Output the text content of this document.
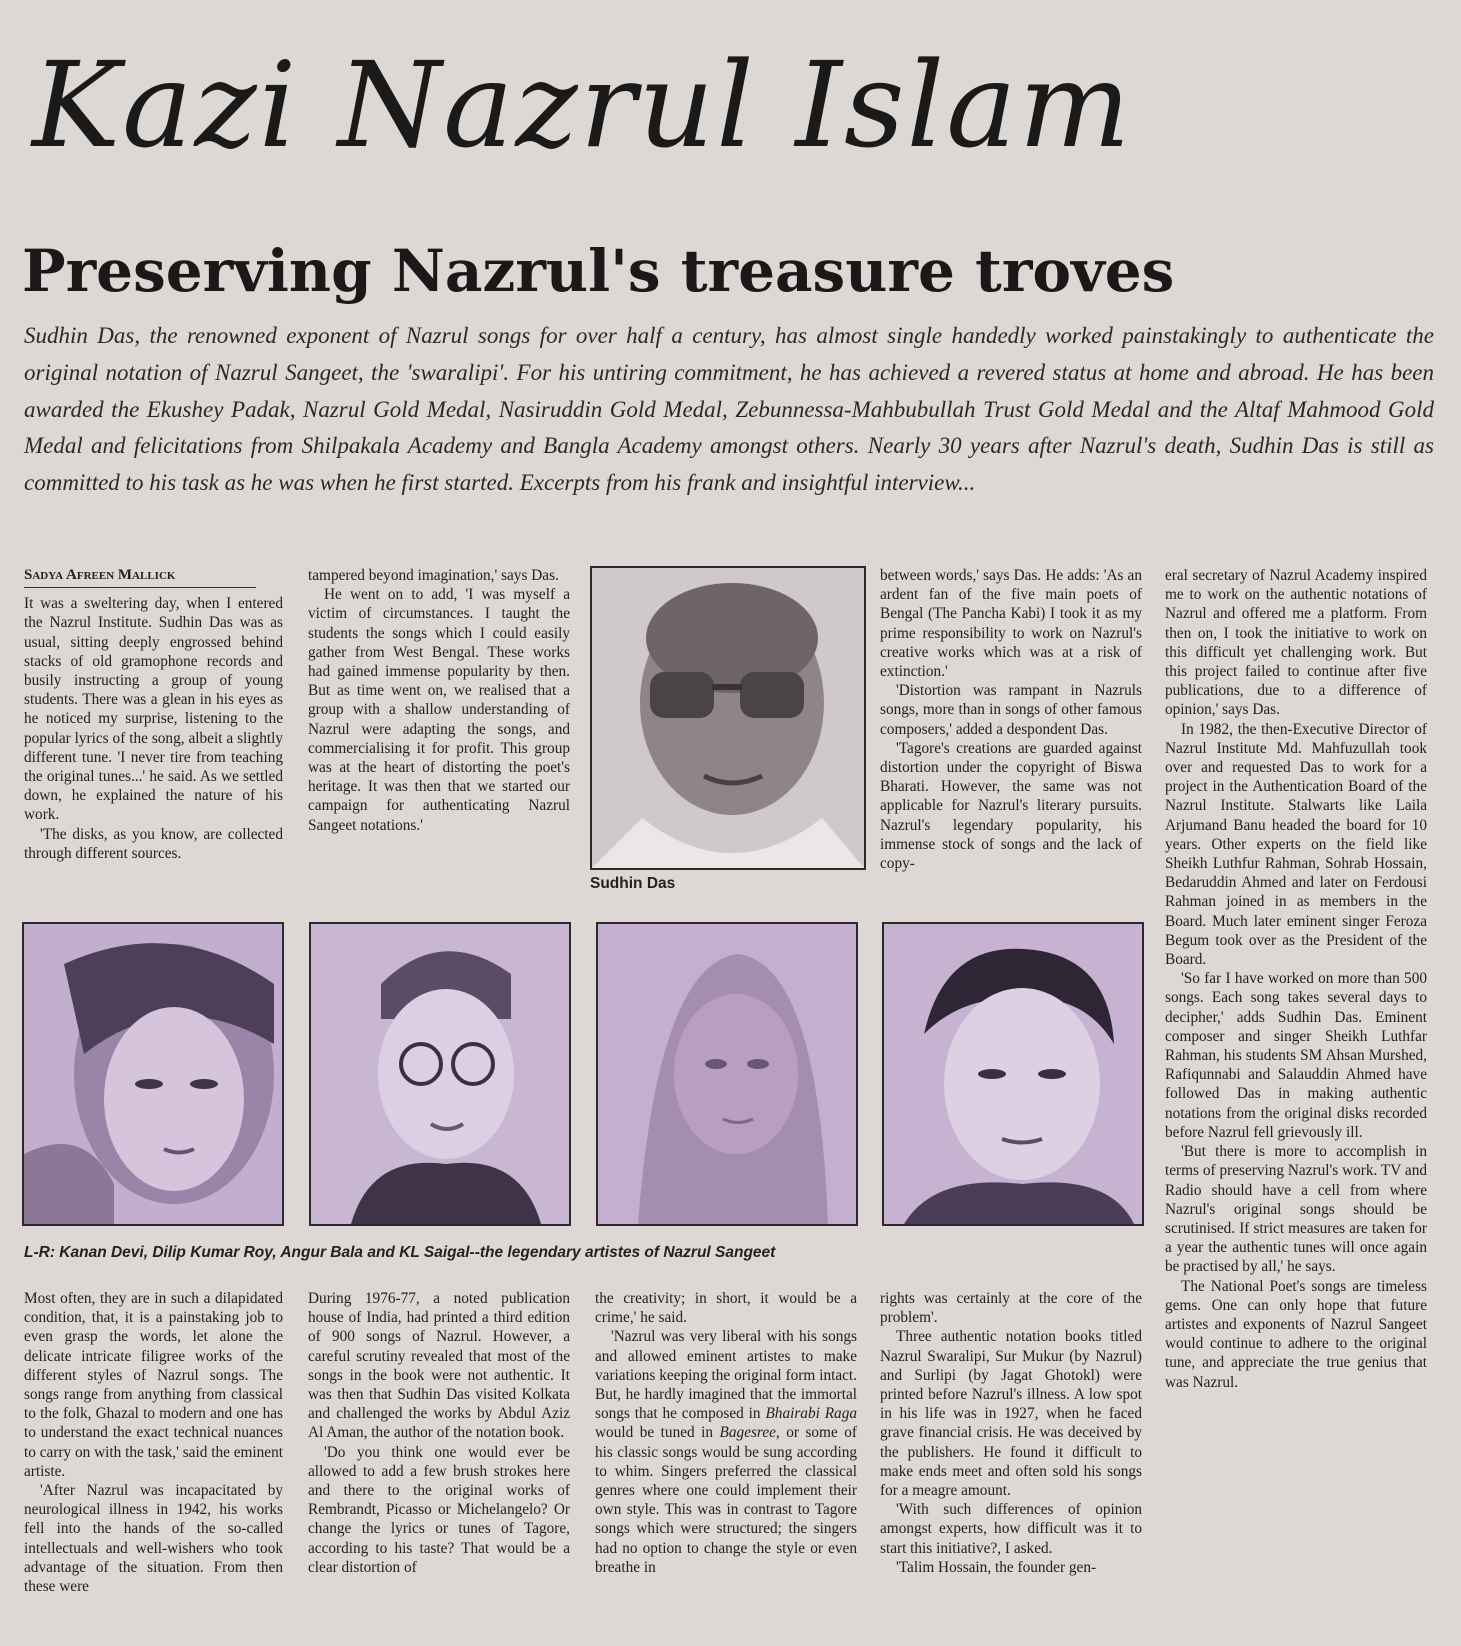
Kazi Nazrul Islam
Preserving Nazrul's treasure troves
Sudhin Das, the renowned exponent of Nazrul songs for over half a century, has almost single handedly worked painstakingly to authenticate the original notation of Nazrul Sangeet, the 'swaralipi'. For his untiring commitment, he has achieved a revered status at home and abroad. He has been awarded the Ekushey Padak, Nazrul Gold Medal, Nasiruddin Gold Medal, Zebunnessa-Mahbubullah Trust Gold Medal and the Altaf Mahmood Gold Medal and felicitations from Shilpakala Academy and Bangla Academy amongst others. Nearly 30 years after Nazrul's death, Sudhin Das is still as committed to his task as he was when he first started. Excerpts from his frank and insightful interview...
Sadya Afreen Mallick

It was a sweltering day, when I entered the Nazrul Institute. Sudhin Das was as usual, sitting deeply engrossed behind stacks of old gramophone records and busily instructing a group of young students. There was a glean in his eyes as he noticed my surprise, listening to the popular lyrics of the song, albeit a slightly different tune. 'I never tire from teaching the original tunes...' he said. As we settled down, he explained the nature of his work.

'The disks, as you know, are collected through different sources.

tampered beyond imagination,' says Das.

He went on to add, 'I was myself a victim of circumstances. I taught the students the songs which I could easily gather from West Bengal. These works had gained immense popularity by then. But as time went on, we realised that a group with a shallow understanding of Nazrul were adapting the songs, and commercialising it for profit. This group was at the heart of distorting the poet's heritage. It was then that we started our campaign for authenticating Nazrul Sangeet notations.'

Sudhin Das

between words,' says Das. He adds: 'As an ardent fan of the five main poets of Bengal (The Pancha Kabi) I took it as my prime responsibility to work on Nazrul's creative works which was at a risk of extinction.'

'Distortion was rampant in Nazruls songs, more than in songs of other famous composers,' added a despondent Das.

'Tagore's creations are guarded against distortion under the copyright of Biswa Bharati. However, the same was not applicable for Nazrul's literary pursuits. Nazrul's legendary popularity, his immense stock of songs and the lack of copy-

eral secretary of Nazrul Academy inspired me to work on the authentic notations of Nazrul and offered me a platform. From then on, I took the initiative to work on this difficult yet challenging work. But this project failed to continue after five publications, due to a difference of opinion,' says Das.

In 1982, the then-Executive Director of Nazrul Institute Md. Mahfuzullah took over and requested Das to work for a project in the Authentication Board of the Nazrul Institute. Stalwarts like Laila Arjumand Banu headed the board for 10 years. Other experts on the field like Sheikh Luthfur Rahman, Sohrab Hossain, Bedaruddin Ahmed and later on Ferdousi Rahman joined in as members in the Board. Much later eminent singer Feroza Begum took over as the President of the Board.

'So far I have worked on more than 500 songs. Each song takes several days to decipher,' adds Sudhin Das. Eminent composer and singer Sheikh Luthfar Rahman, his students SM Ahsan Murshed, Rafiqunnabi and Salauddin Ahmed have followed Das in making authentic notations from the original disks recorded before Nazrul fell grievously ill.

'But there is more to accomplish in terms of preserving Nazrul's work. TV and Radio should have a cell from where Nazrul's original songs should be scrutinised. If strict measures are taken for a year the authentic tunes will once again be practised by all,' he says.

The National Poet's songs are timeless gems. One can only hope that future artistes and exponents of Nazrul Sangeet would continue to adhere to the original tune, and appreciate the true genius that was Nazrul.

L-R: Kanan Devi, Dilip Kumar Roy, Angur Bala and KL Saigal--the legendary artistes of Nazrul Sangeet

Most often, they are in such a dilapidated condition, that, it is a painstaking job to even grasp the words, let alone the delicate intricate filigree works of the different styles of Nazrul songs. The songs range from anything from classical to the folk, Ghazal to modern and one has to understand the exact technical nuances to carry on with the task,' said the eminent artiste.

'After Nazrul was incapacitated by neurological illness in 1942, his works fell into the hands of the so-called intellectuals and well-wishers who took advantage of the situation. From then these were

During 1976-77, a noted publication house of India, had printed a third edition of 900 songs of Nazrul. However, a careful scrutiny revealed that most of the songs in the book were not authentic. It was then that Sudhin Das visited Kolkata and challenged the works by Abdul Aziz Al Aman, the author of the notation book.

'Do you think one would ever be allowed to add a few brush strokes here and there to the original works of Rembrandt, Picasso or Michelangelo? Or change the lyrics or tunes of Tagore, according to his taste? That would be a clear distortion of

the creativity; in short, it would be a crime,' he said.

'Nazrul was very liberal with his songs and allowed eminent artistes to make variations keeping the original form intact. But, he hardly imagined that the immortal songs that he composed in Bhairabi Raga would be tuned in Bagesree, or some of his classic songs would be sung according to whim. Singers preferred the classical genres where one could implement their own style. This was in contrast to Tagore songs which were structured; the singers had no option to change the style or even breathe in

rights was certainly at the core of the problem'.

Three authentic notation books titled Nazrul Swaralipi, Sur Mukur (by Nazrul) and Surlipi (by Jagat Ghotokl) were printed before Nazrul's illness. A low spot in his life was in 1927, when he faced grave financial crisis. He was deceived by the publishers. He found it difficult to make ends meet and often sold his songs for a meagre amount.

'With such differences of opinion amongst experts, how difficult was it to start this initiative?, I asked.

'Talim Hossain, the founder gen-
